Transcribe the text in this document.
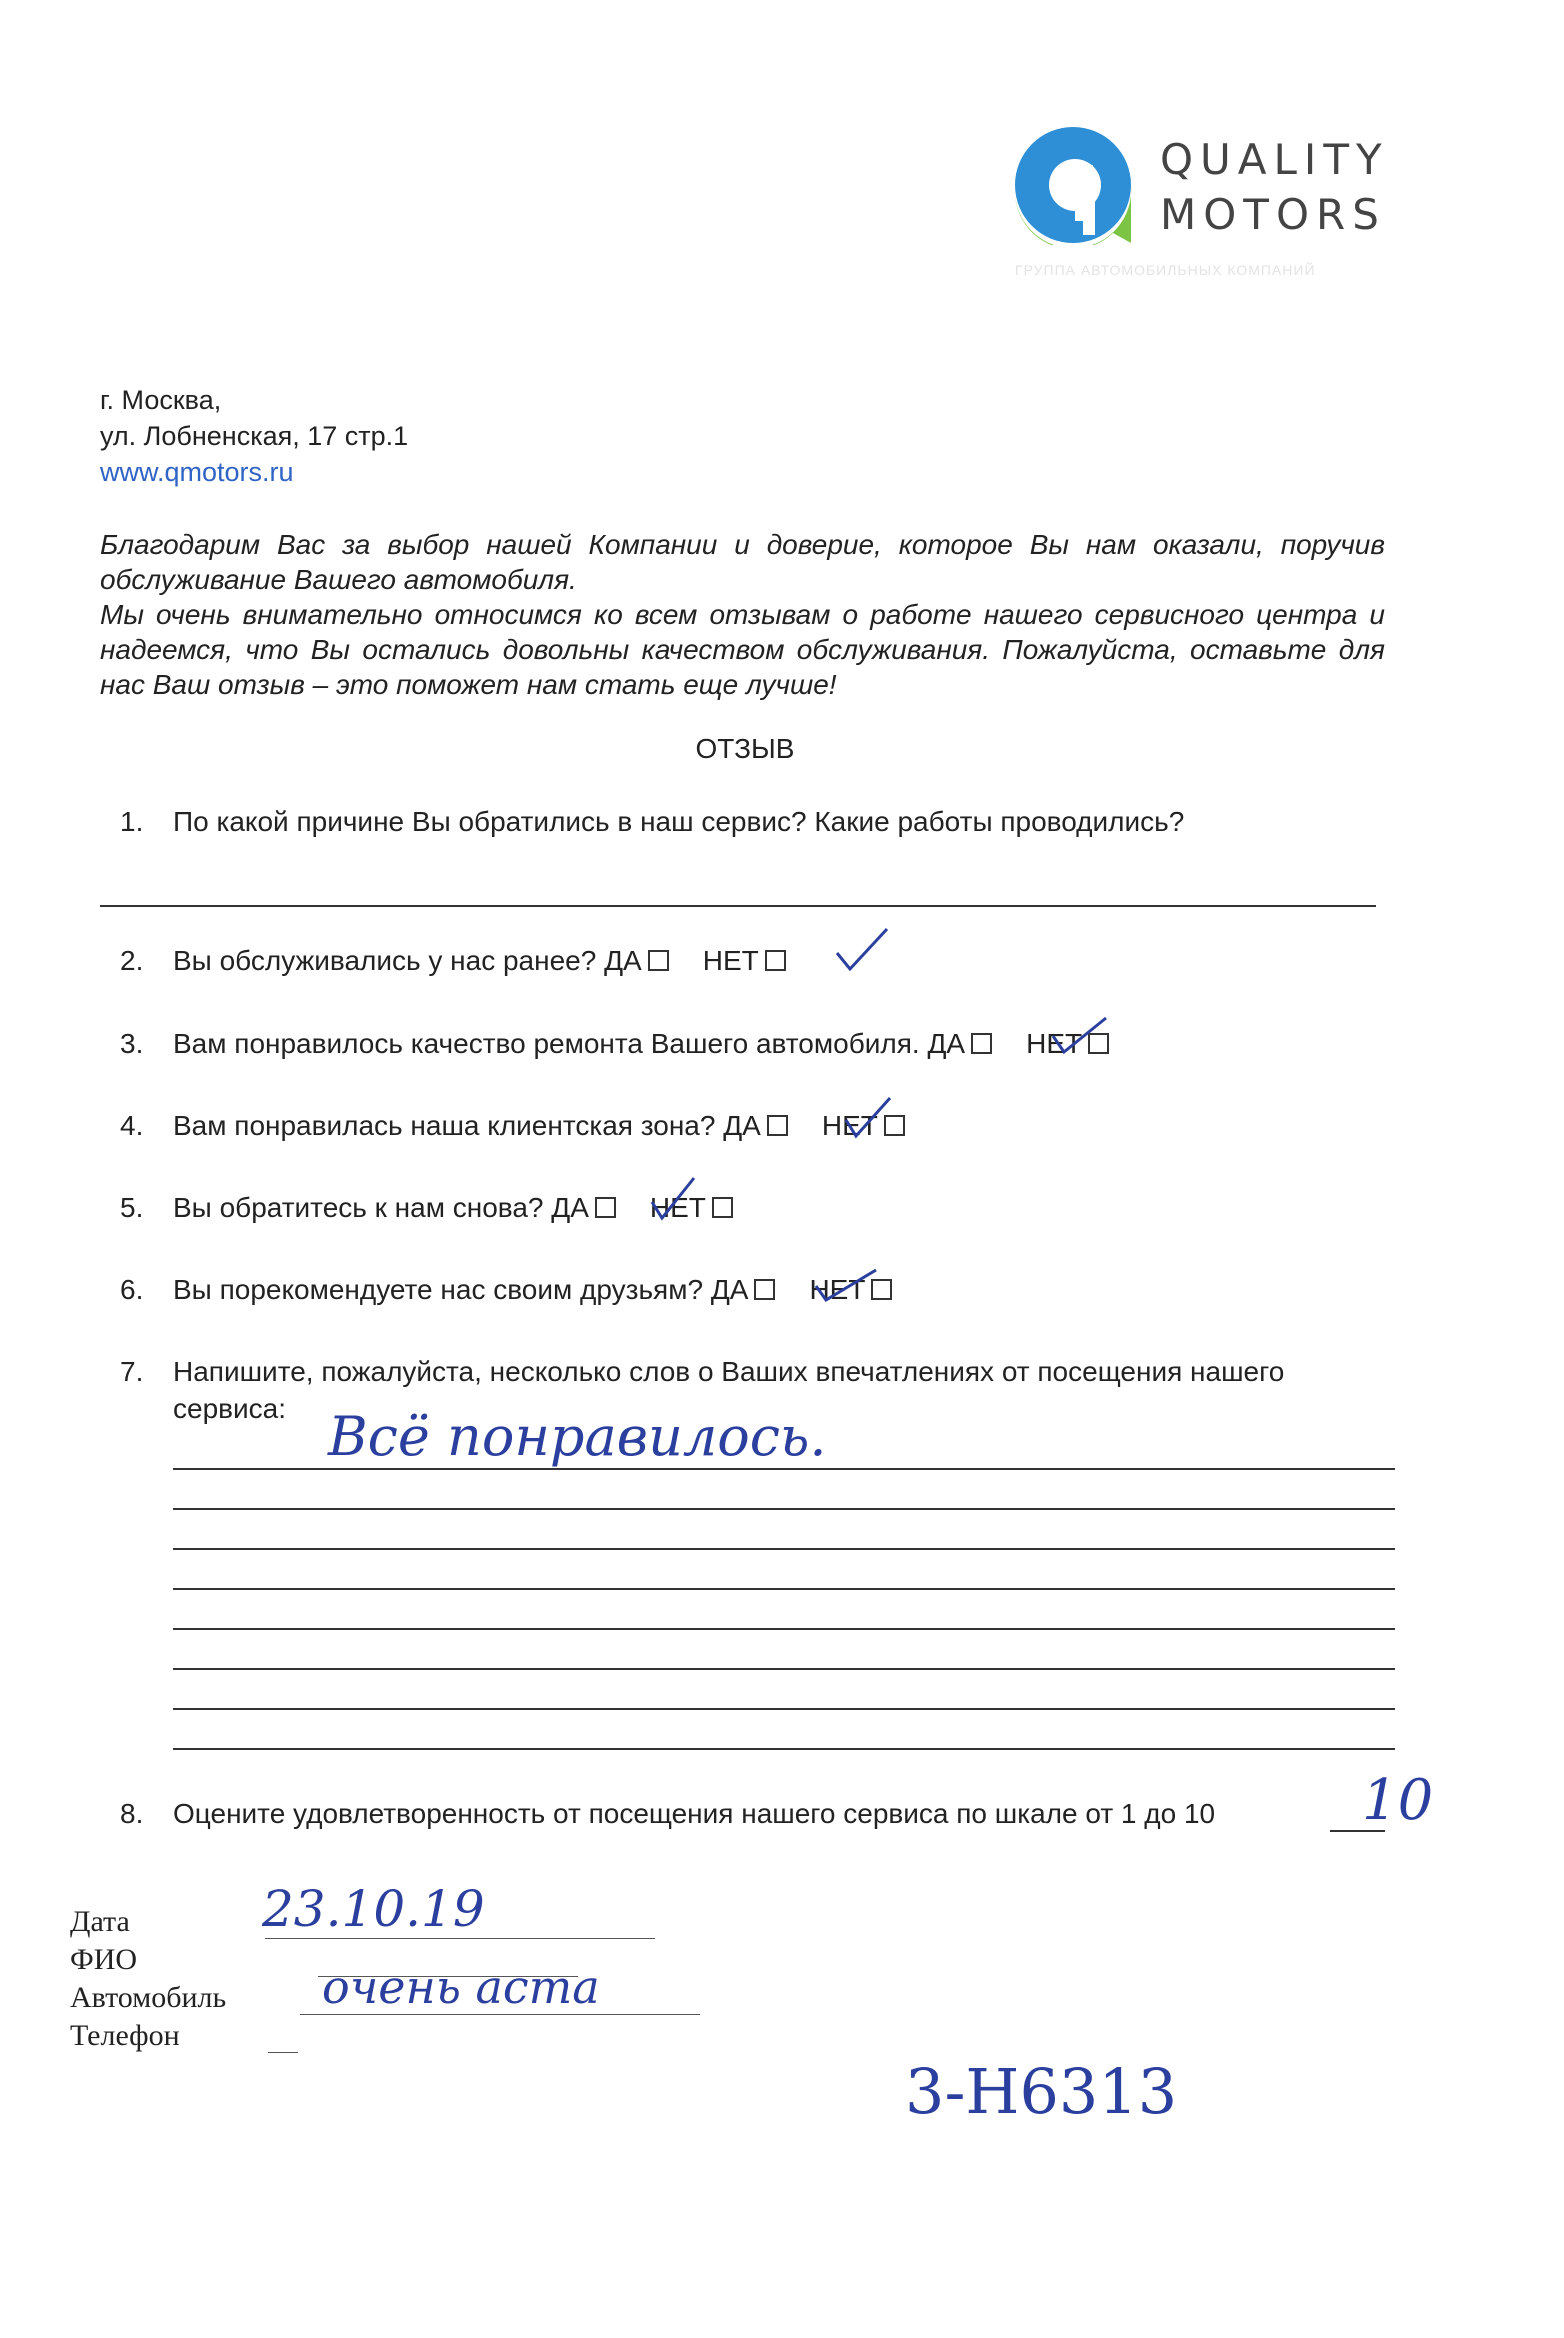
QUALITY
MOTORS
ГРУППА АВТОМОБИЛЬНЫХ КОМПАНИЙ
г. Москва,
ул. Лобненская, 17 стр.1
www.qmotors.ru
Благодарим Вас за выбор нашей Компании и доверие, которое Вы нам оказали, поручив обслуживание Вашего автомобиля.
Мы очень внимательно относимся ко всем отзывам о работе нашего сервисного центра и надеемся, что Вы остались довольны качеством обслуживания. Пожалуйста, оставьте для нас Ваш отзыв – это поможет нам стать еще лучше!
ОТЗЫВ
1. По какой причине Вы обратились в наш сервис? Какие работы проводились?
2. Вы обслуживались у нас ранее? ДА НЕТ
3. Вам понравилось качество ремонта Вашего автомобиля. ДА НЕТ
4. Вам понравилась наша клиентская зона? ДА НЕТ
5. Вы обратитесь к нам снова? ДА НЕТ
6. Вы порекомендуете нас своим друзьям? ДА НЕТ
7. Напишите, пожалуйста, несколько слов о Ваших впечатлениях от посещения нашего
сервиса: Всё понравилось.
8. Оцените удовлетворенность от посещения нашего сервиса по шкале от 1 до 10	10
Дата
ФИО
Автомобиль
Телефон
23.10.19
очень аста
3-Н6313
